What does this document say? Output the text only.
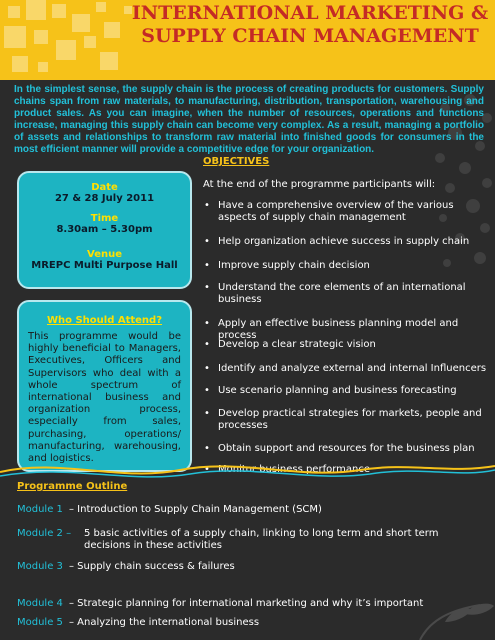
INTERNATIONAL MARKETING &
SUPPLY CHAIN MANAGEMENT

In the simplest sense, the supply chain is the process of creating products for customers. Supply chains span from raw materials, to manufacturing, distribution, transportation, warehousing and product sales. As you can imagine, when the number of resources, operations and functions increase, managing this supply chain can become very complex. As a result, managing a portfolio of assets and relationships to transform raw material into finished goods for consumers in the most efficient manner will provide a competitive edge for your organization.

Date
27 & 28 July 2011
Time
8.30am – 5.30pm
Venue
MREPC Multi Purpose Hall
Who Should Attend?
This programme would be highly beneficial to Managers, Executives, Officers and Supervisors who deal with a whole spectrum of international business and organization process, especially from sales, purchasing, operations/ manufacturing, warehousing, and logistics.
OBJECTIVES
At the end of the programme participants will:
• Have a comprehensive overview of the various aspects of supply chain management
• Help organization achieve success in supply chain
• Improve supply chain decision
• Understand the core elements of an international business
• Apply an effective business planning model and process
• Develop a clear strategic vision
• Identify and analyze external and internal Influencers
• Use scenario planning and business forecasting
• Develop practical strategies for markets, people and processes
• Obtain support and resources for the business plan
• Monitor business performance
Programme Outline
Module 1 – Introduction to Supply Chain Management (SCM)
Module 2 – 5 basic activities of a supply chain, linking to long term and short term decisions in these activities
Module 3 – Supply chain success & failures
Module 4 – Strategic planning for international marketing and why it’s important
Module 5 – Analyzing the international business
